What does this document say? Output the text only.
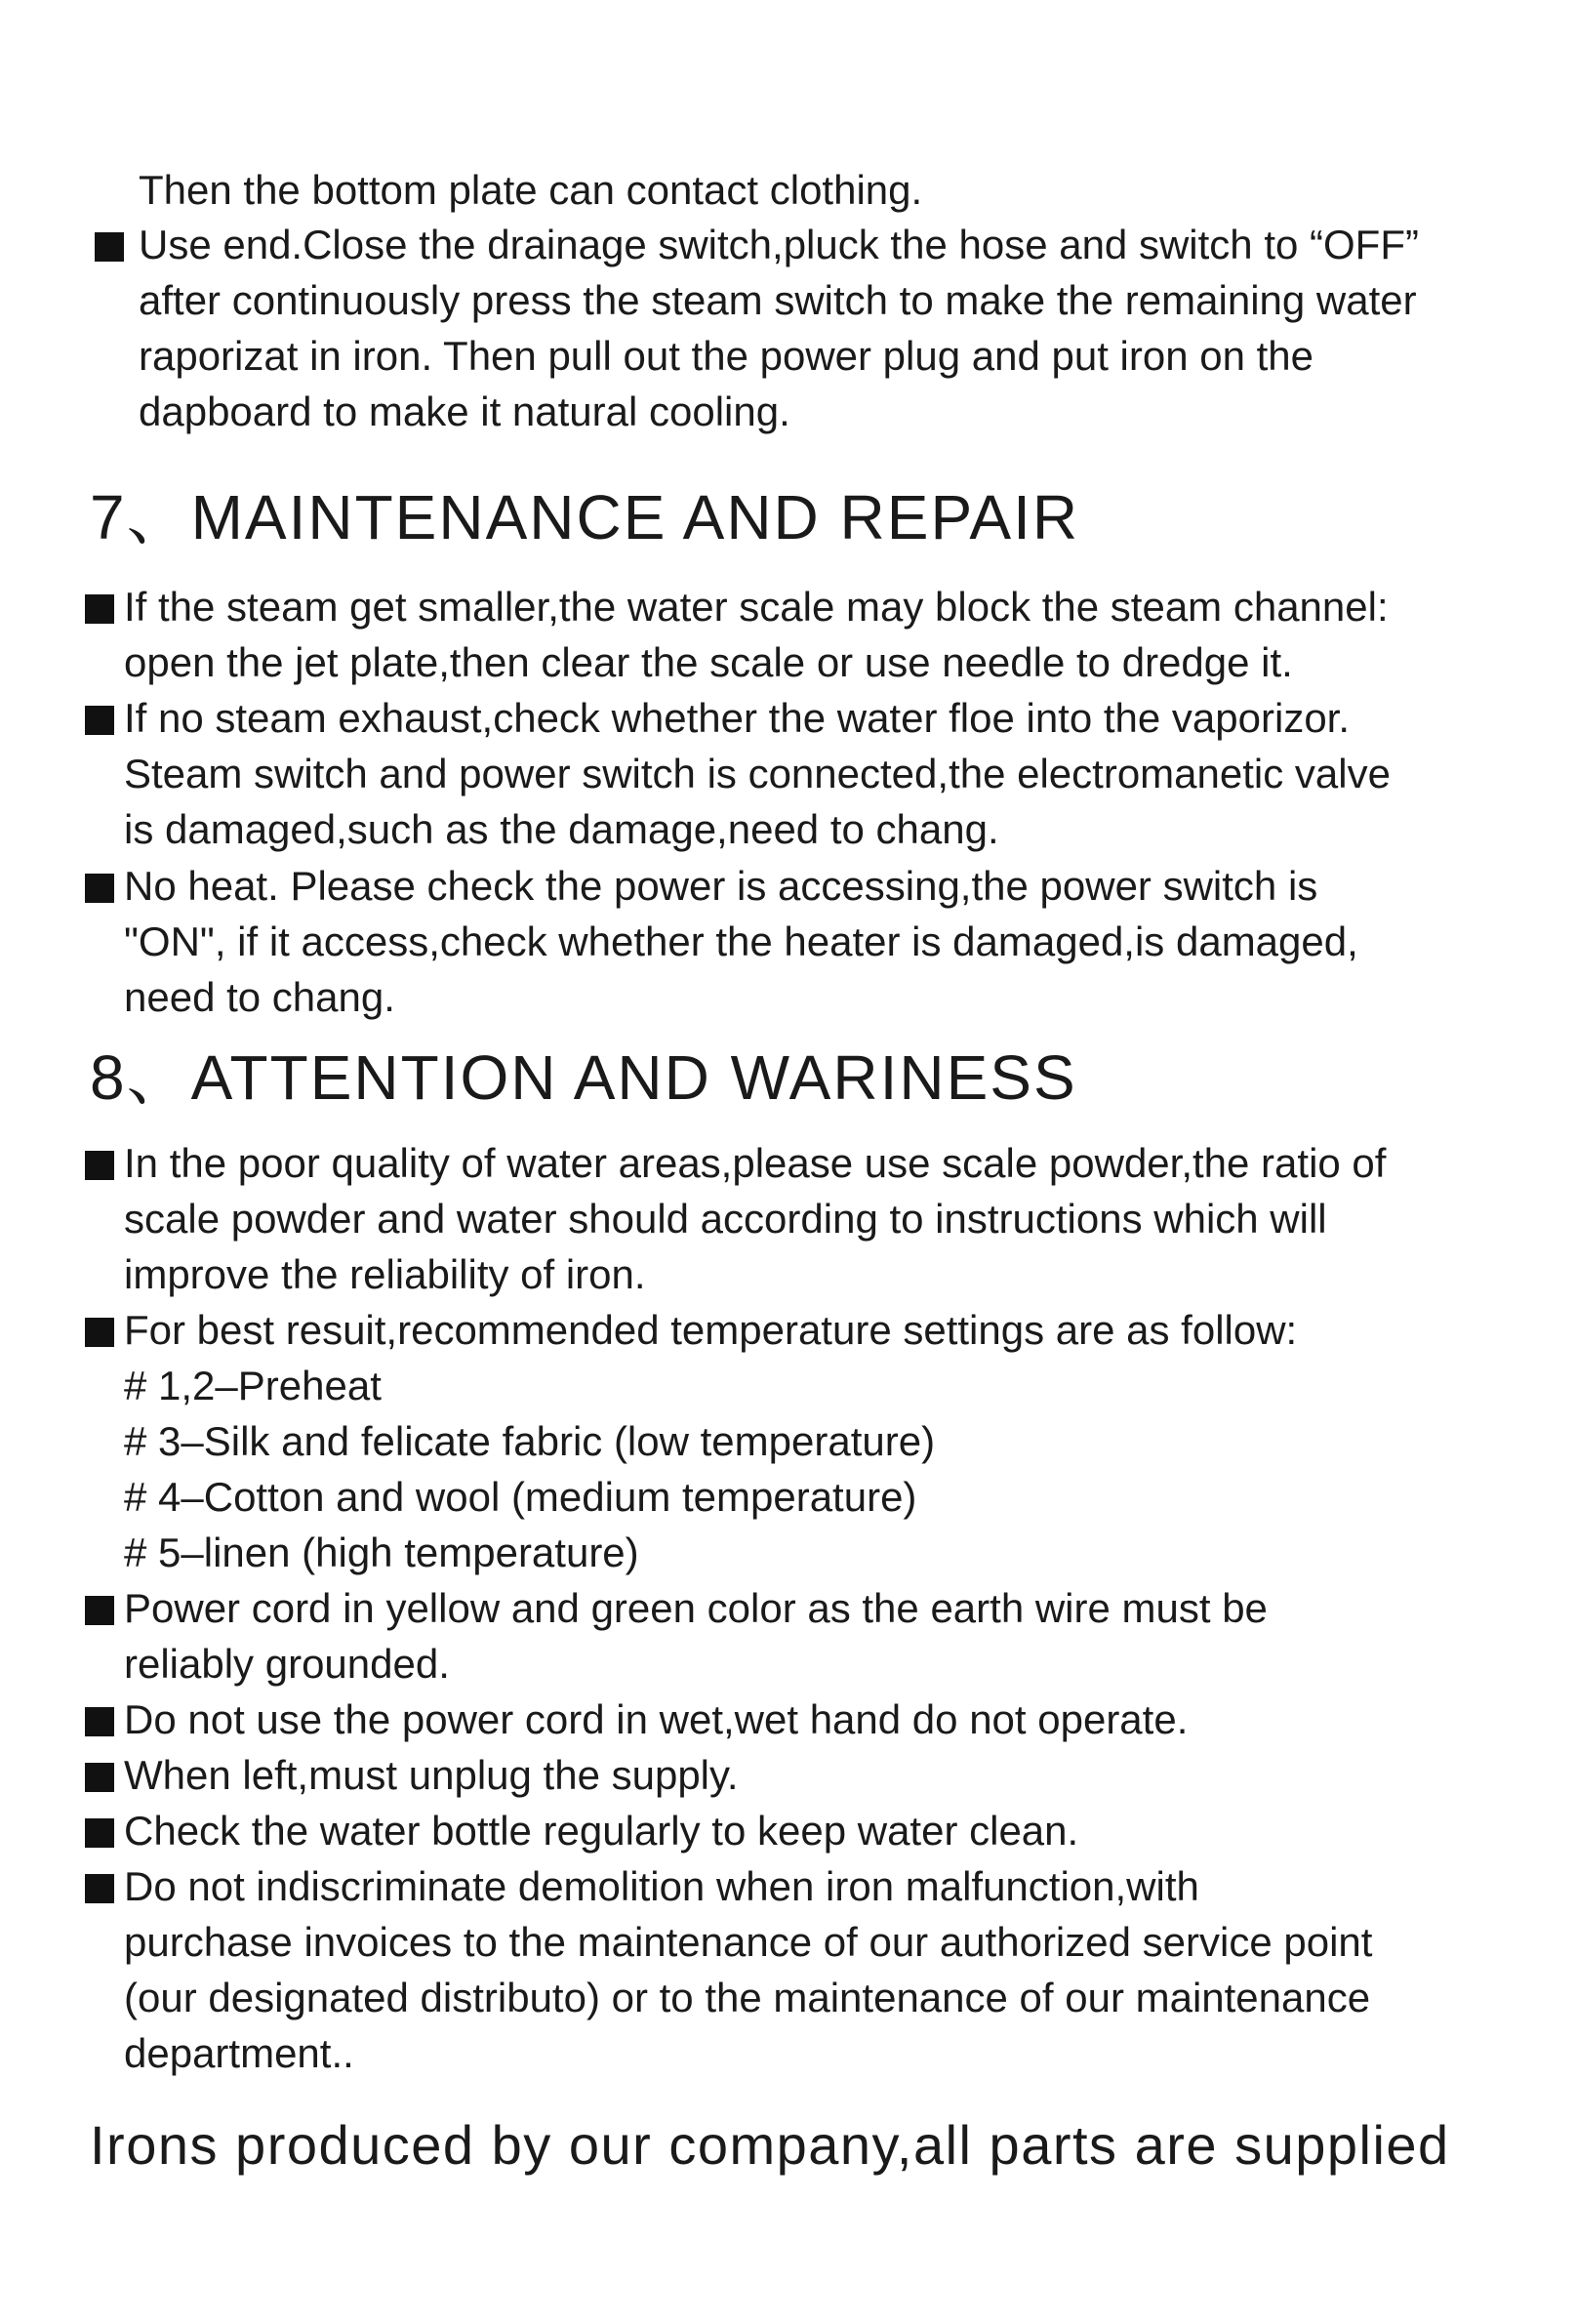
Then the bottom plate can contact clothing.
Use end.Close the drainage switch,pluck the hose and switch to “OFF”
after continuously press the steam switch to make the remaining water
raporizat in iron. Then pull out the power plug and put iron on the
dapboard to make it natural cooling.
7、MAINTENANCE AND REPAIR
If the steam get smaller,the water scale may block the steam channel:
open the jet plate,then clear the scale or use needle to dredge it.
If no steam exhaust,check whether the water floe into the vaporizor.
Steam switch and power switch is connected,the electromanetic valve
is damaged,such as the damage,need to chang.
No heat. Please check the power is accessing,the power switch is
"ON", if it access,check whether the heater is damaged,is damaged,
need to chang.
8、ATTENTION AND WARINESS
In the poor quality of water areas,please use scale powder,the ratio of
scale powder and water should according to instructions which will
improve the reliability of iron.
For best resuit,recommended temperature settings are as follow:
# 1,2–Preheat
# 3–Silk and felicate fabric (low temperature)
# 4–Cotton and wool (medium temperature)
# 5–linen (high temperature)
Power cord in yellow and green color as the earth wire must be
reliably grounded.
Do not use the power cord in wet,wet hand do not operate.
When left,must unplug the supply.
Check the water bottle regularly to keep water clean.
Do not indiscriminate demolition when iron malfunction,with
purchase invoices to the maintenance of our authorized service point
(our designated distributo) or to the maintenance of our maintenance
department..
Irons produced by our company,all parts are supplied
